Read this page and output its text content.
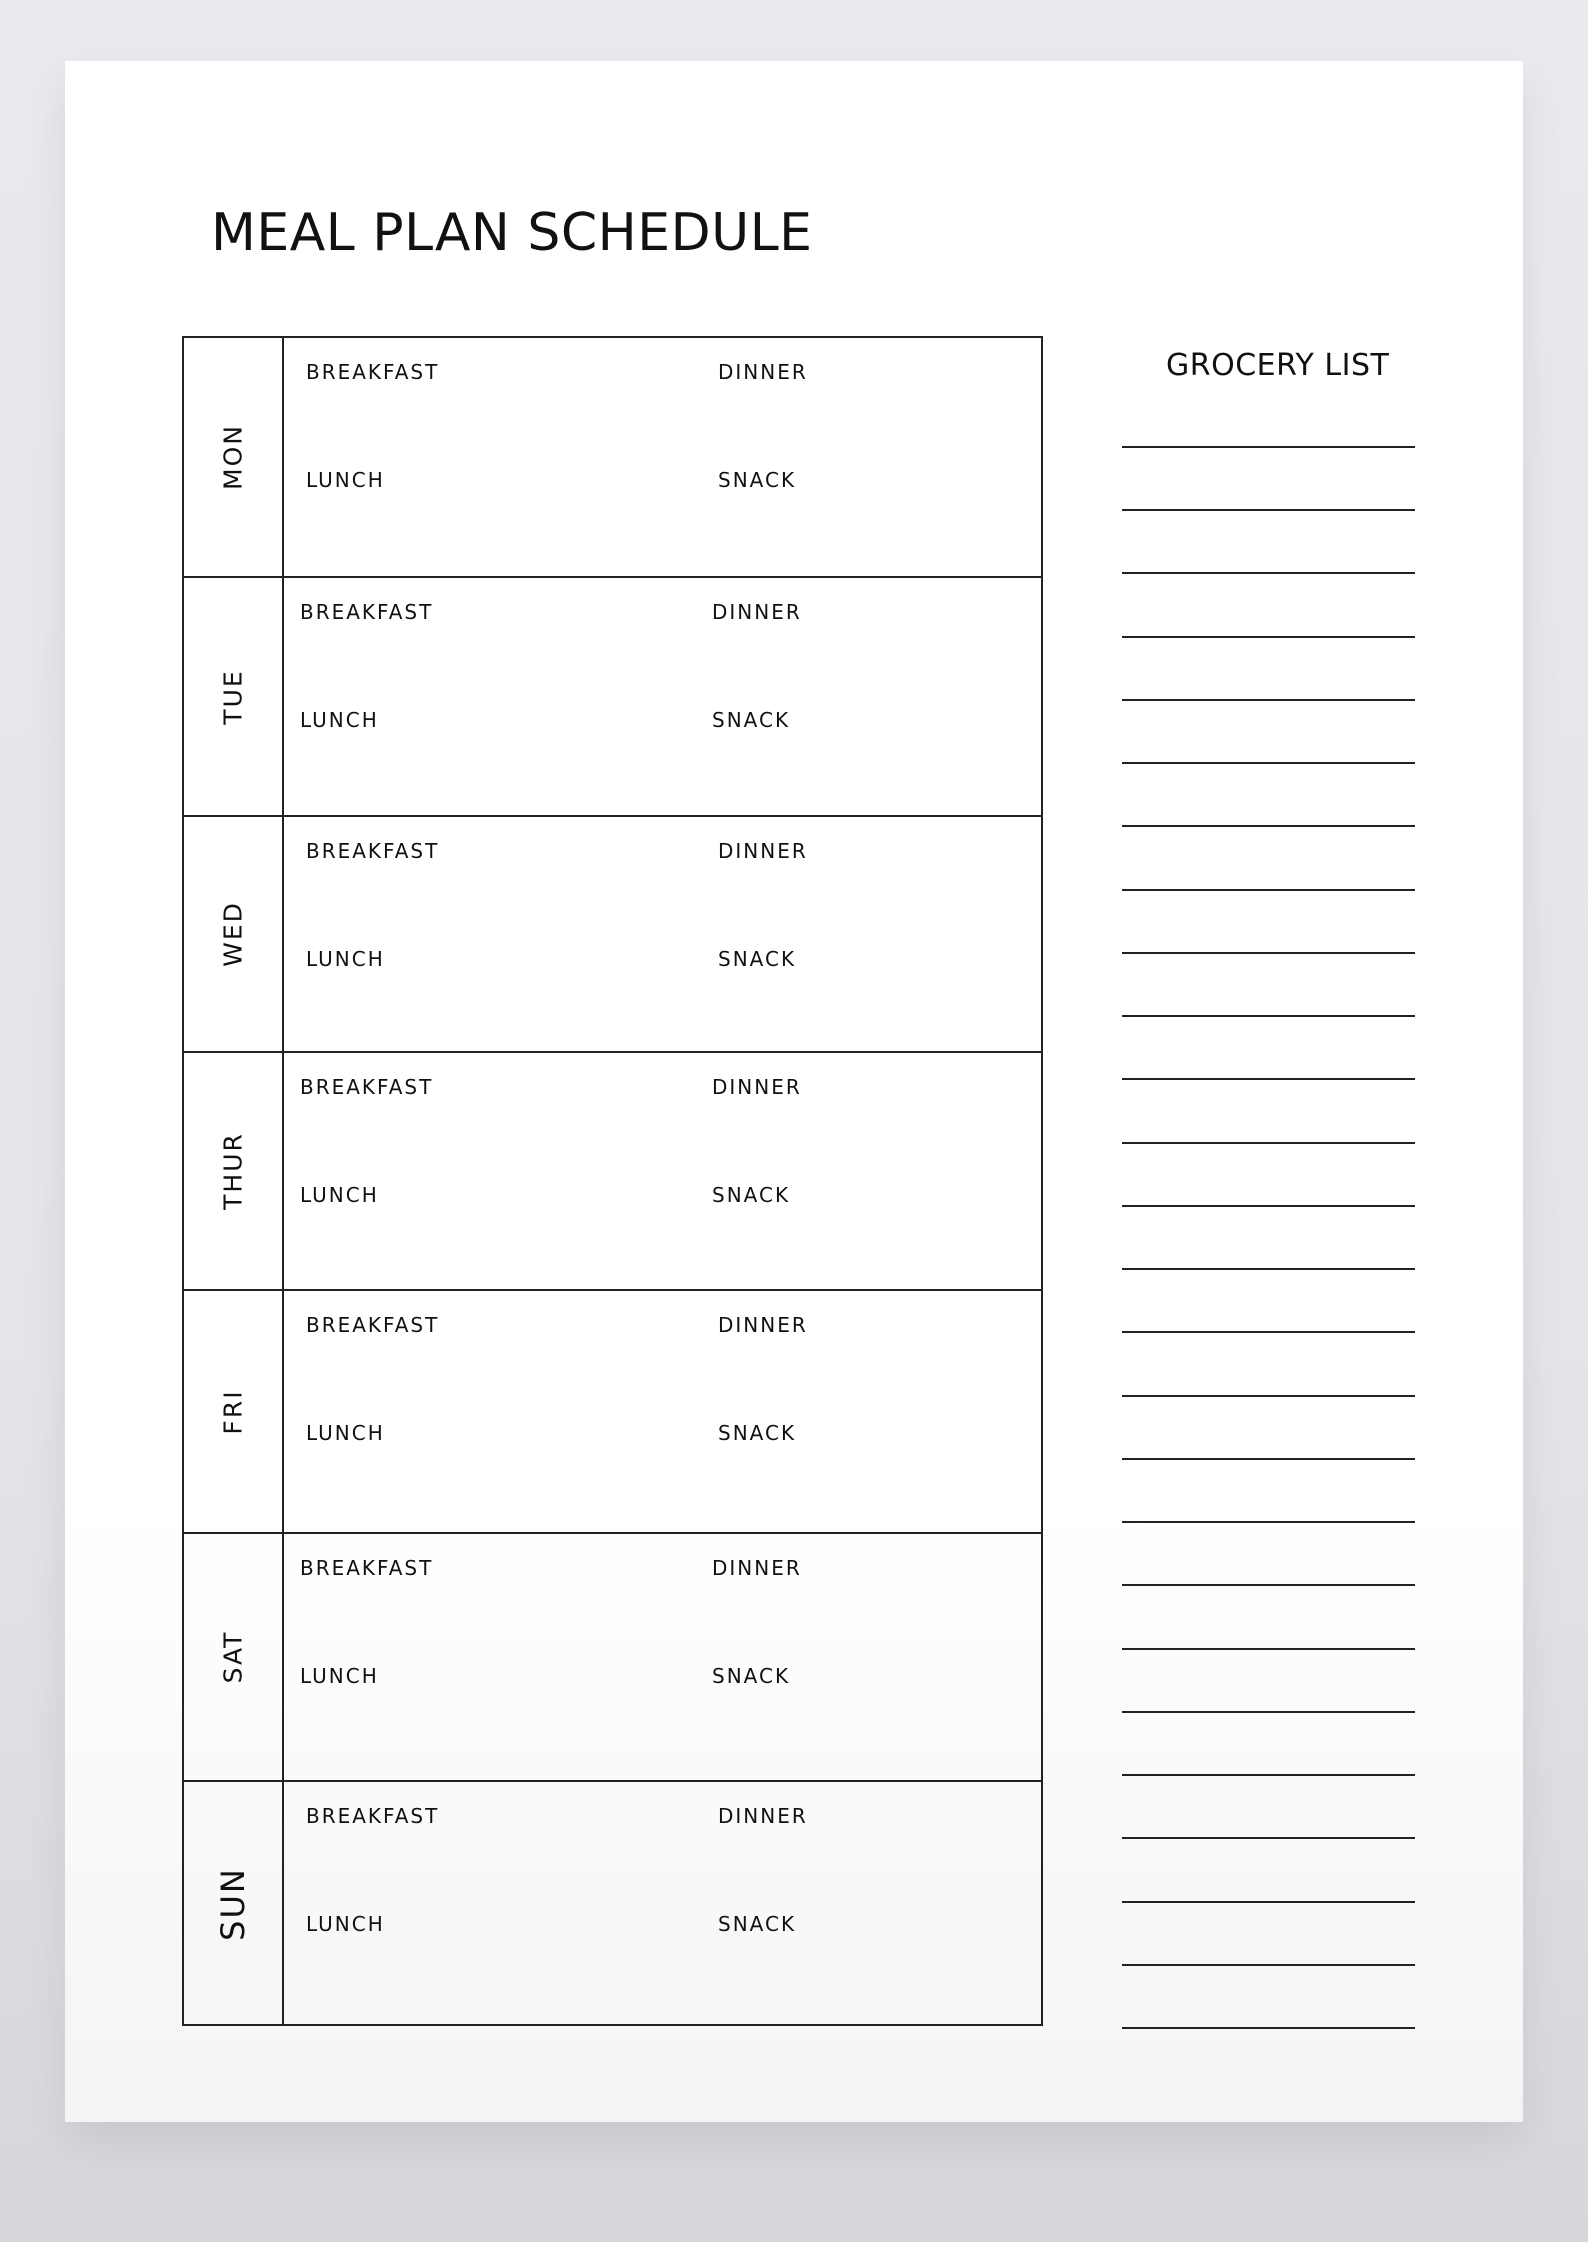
MEAL PLAN SCHEDULE
MON
BREAKFAST	DINNER
LUNCH	SNACK
TUE
BREAKFAST	DINNER
LUNCH	SNACK
WED
BREAKFAST	DINNER
LUNCH	SNACK
THUR
BREAKFAST	DINNER
LUNCH	SNACK
FRI
BREAKFAST	DINNER
LUNCH	SNACK
SAT
BREAKFAST	DINNER
LUNCH	SNACK
SUN
BREAKFAST	DINNER
LUNCH	SNACK
GROCERY LIST
